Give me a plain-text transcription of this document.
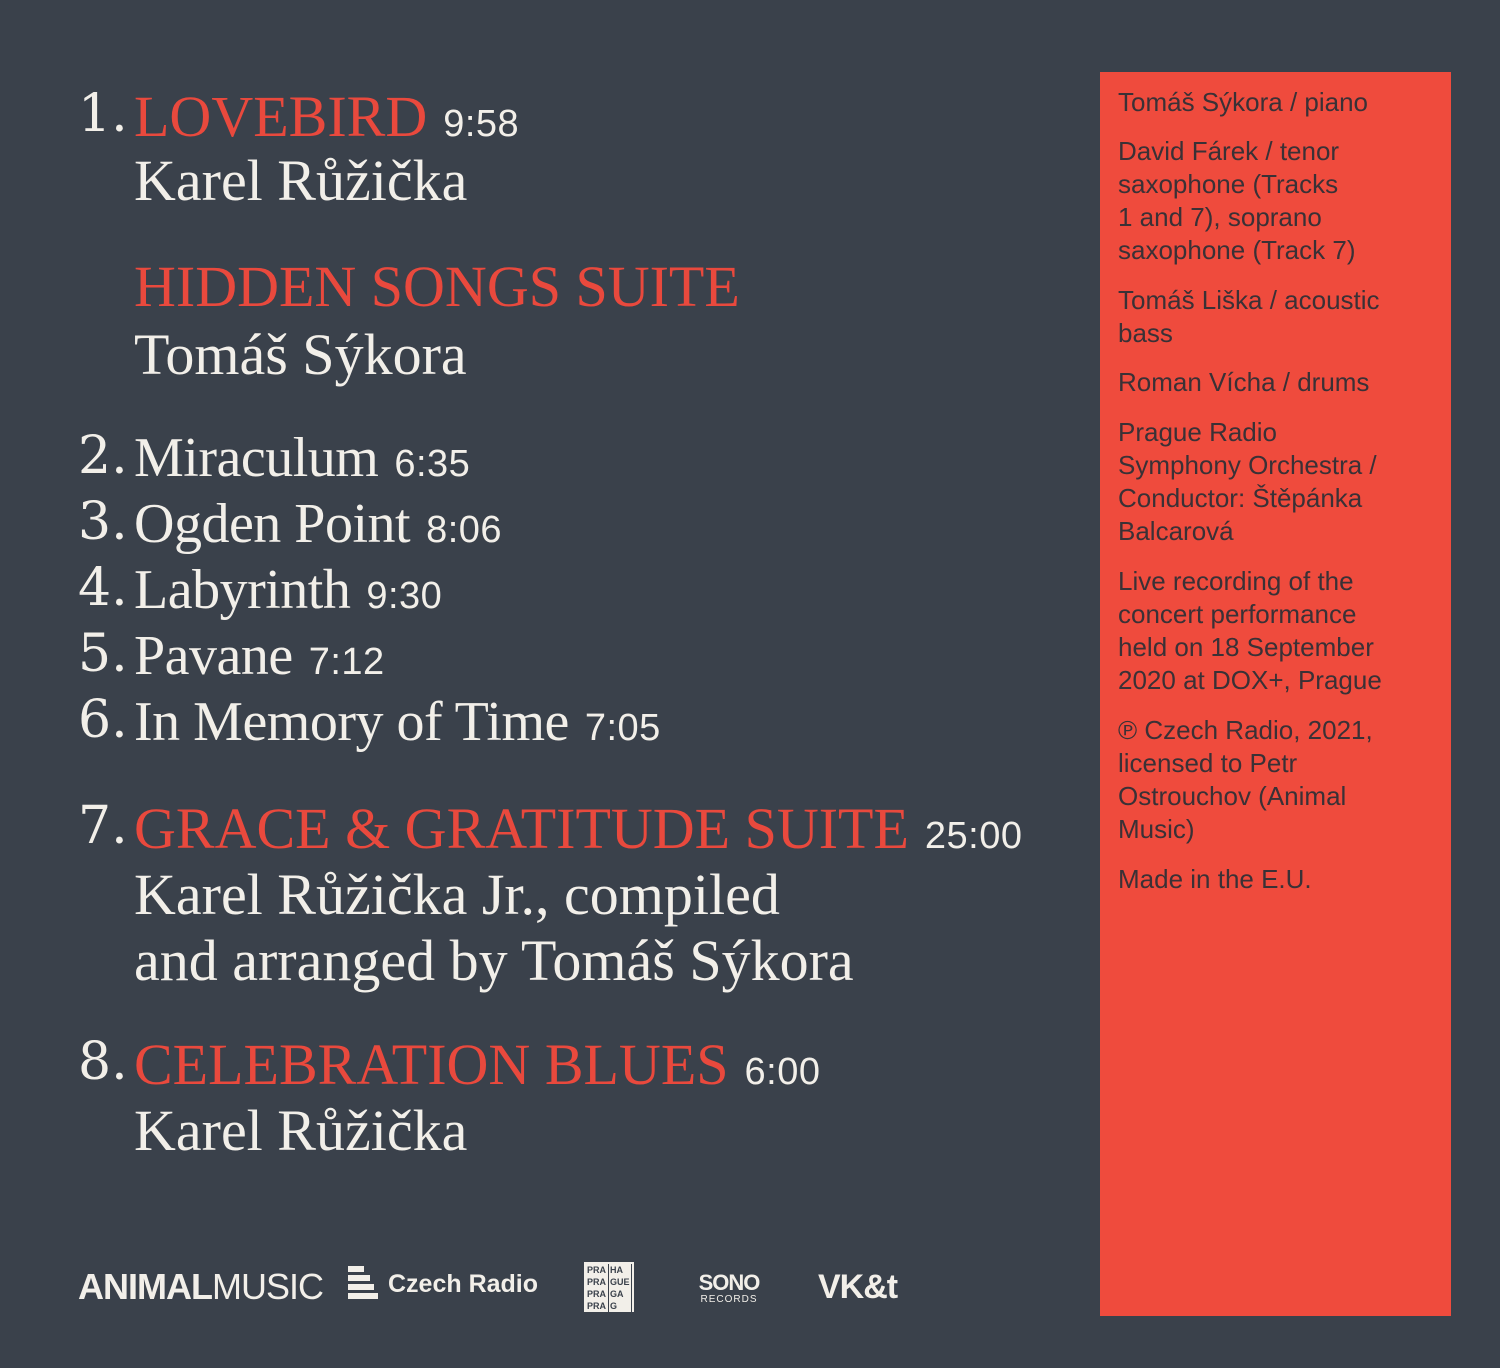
1. LOVEBIRD 9:58
Karel Růžička
HIDDEN SONGS SUITE
Tomáš Sýkora
2. Miraculum 6:35
3. Ogden Point 8:06
4. Labyrinth 9:30
5. Pavane 7:12
6. In Memory of Time 7:05
7. GRACE & GRATITUDE SUITE 25:00
Karel Růžička Jr., compiled
and arranged by Tomáš Sýkora
8. CELEBRATION BLUES 6:00
Karel Růžička
Tomáš Sýkora / piano
David Fárek / tenor
saxophone (Tracks
1 and 7), soprano
saxophone (Track 7)
Tomáš Liška / acoustic
bass
Roman Vícha / drums
Prague Radio
Symphony Orchestra /
Conductor: Štěpánka
Balcarová
Live recording of the
concert performance
held on 18 September
2020 at DOX+, Prague
℗ Czech Radio, 2021,
licensed to Petr
Ostrouchov (Animal
Music)
Made in the E.U.
ANIMALMUSIC	Czech Radio	PRA HA
PRA GUE
PRA GA
PRA G
SONO
RECORDS	VK&t
